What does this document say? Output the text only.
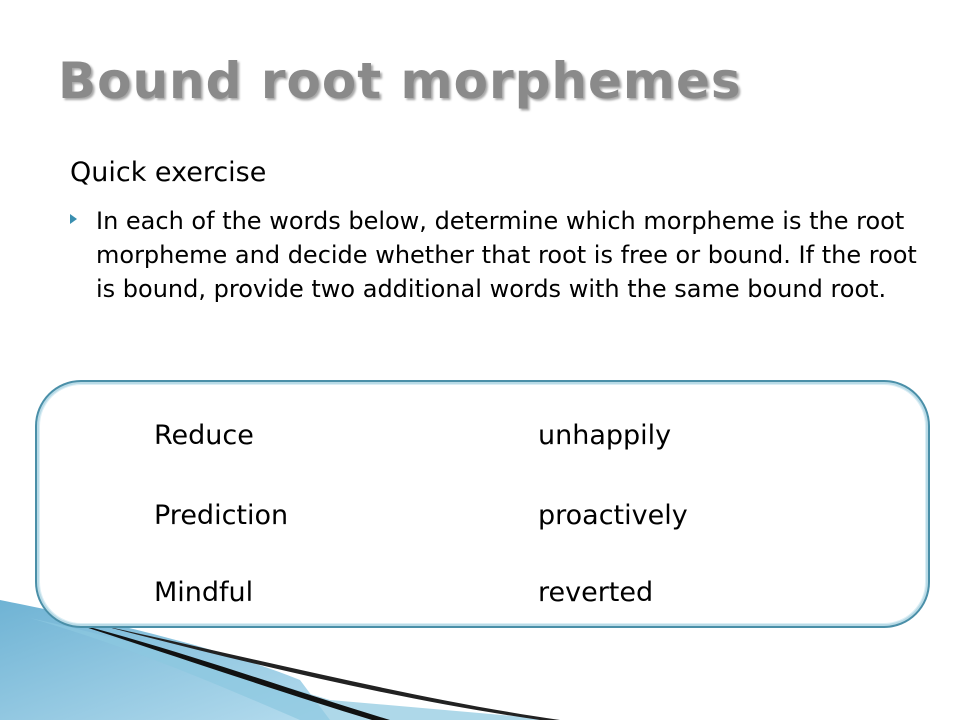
Bound root morphemes
Quick exercise
In each of the words below, determine which morpheme is the root morpheme and decide whether that root is free or bound. If the root is bound, provide two additional words with the same bound root.
Reduce	unhappily
Prediction	proactively
Mindful	reverted
